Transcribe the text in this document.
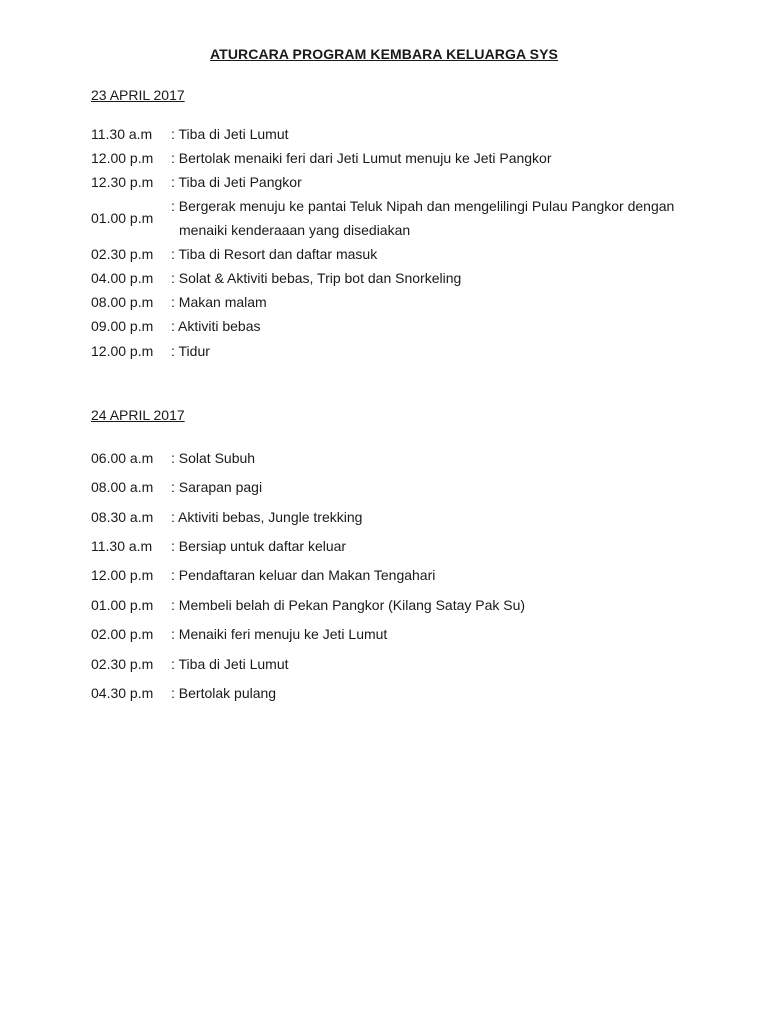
ATURCARA PROGRAM KEMBARA KELUARGA SYS
23 APRIL 2017
11.30 a.m : Tiba di Jeti Lumut
12.00 p.m : Bertolak menaiki feri dari Jeti Lumut menuju ke Jeti Pangkor
12.30 p.m : Tiba di Jeti Pangkor
01.00 p.m
: Bergerak menuju ke pantai Teluk Nipah dan mengelilingi Pulau Pangkor dengan
menaiki kenderaaan yang disediakan
02.30 p.m : Tiba di Resort dan daftar masuk
04.00 p.m : Solat & Aktiviti bebas, Trip bot dan Snorkeling
08.00 p.m : Makan malam
09.00 p.m : Aktiviti bebas
12.00 p.m : Tidur
24 APRIL 2017
06.00 a.m : Solat Subuh
08.00 a.m : Sarapan pagi
08.30 a.m : Aktiviti bebas, Jungle trekking
11.30 a.m : Bersiap untuk daftar keluar
12.00 p.m : Pendaftaran keluar dan Makan Tengahari
01.00 p.m : Membeli belah di Pekan Pangkor (Kilang Satay Pak Su)
02.00 p.m : Menaiki feri menuju ke Jeti Lumut
02.30 p.m : Tiba di Jeti Lumut
04.30 p.m : Bertolak pulang
